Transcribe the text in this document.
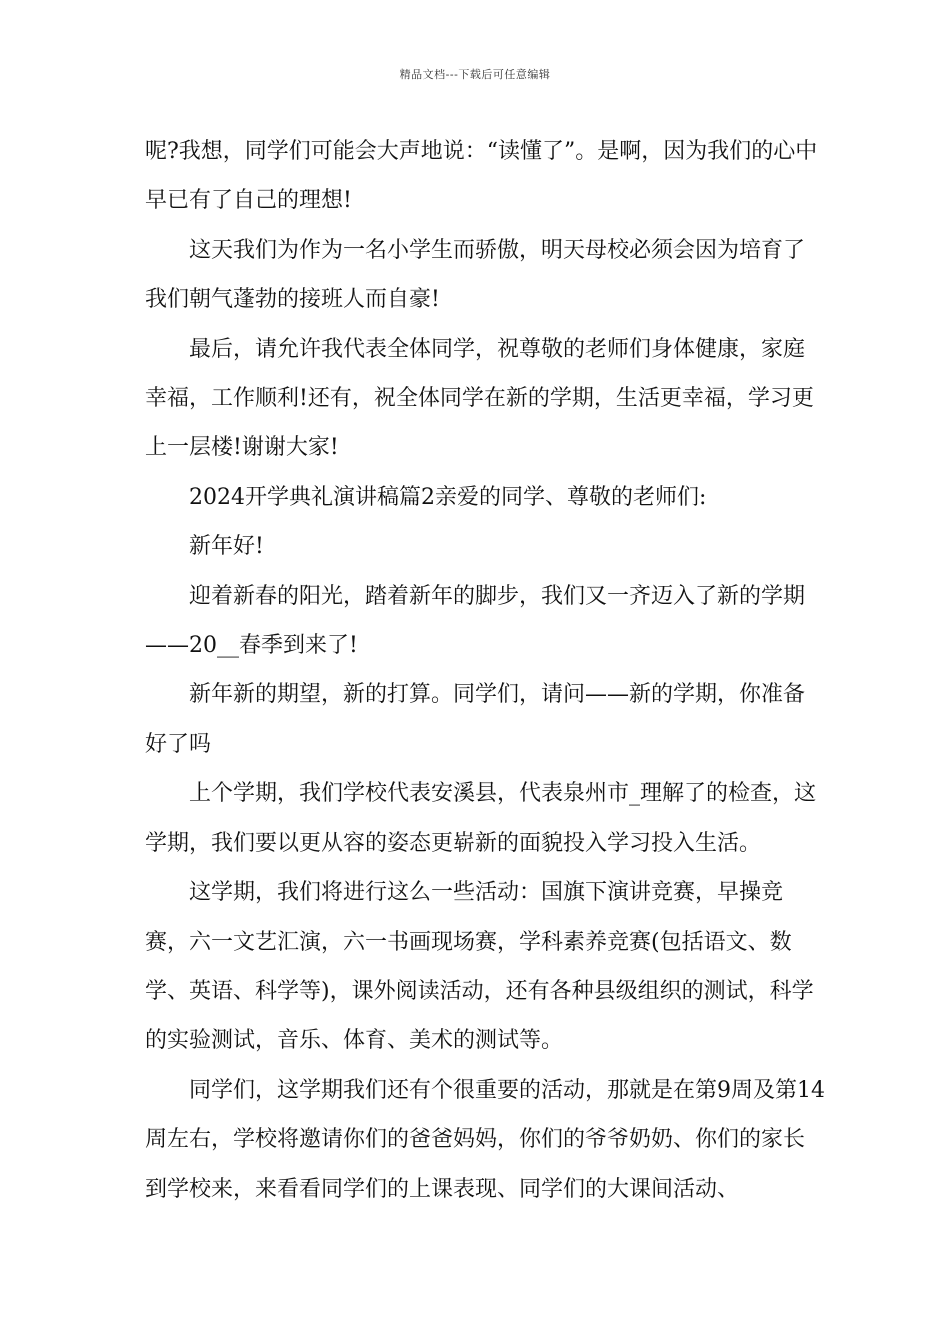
精品文档---下载后可任意编辑

呢?我想，同学们可能会大声地说：“读懂了”。是啊，因为我们的心中早已有了自己的理想!

这天我们为作为一名小学生而骄傲，明天母校必须会因为培育了我们朝气蓬勃的接班人而自豪!

最后，请允许我代表全体同学，祝尊敬的老师们身体健康，家庭幸福，工作顺利!还有，祝全体同学在新的学期，生活更幸福，学习更上一层楼!谢谢大家!

2024开学典礼演讲稿篇2亲爱的同学、尊敬的老师们:

新年好!

迎着新春的阳光，踏着新年的脚步，我们又一齐迈入了新的学期——20__春季到来了!

新年新的期望，新的打算。同学们，请问——新的学期，你准备好了吗

上个学期，我们学校代表安溪县，代表泉州市_理解了的检查，这学期，我们要以更从容的姿态更崭新的面貌投入学习投入生活。

这学期，我们将进行这么一些活动：国旗下演讲竞赛，早操竞赛，六一文艺汇演，六一书画现场赛，学科素养竞赛(包括语文、数学、英语、科学等)，课外阅读活动，还有各种县级组织的测试，科学的实验测试，音乐、体育、美术的测试等。

同学们，这学期我们还有个很重要的活动，那就是在第9周及第14周左右，学校将邀请你们的爸爸妈妈，你们的爷爷奶奶、你们的家长到学校来，来看看同学们的上课表现、同学们的大课间活动、
